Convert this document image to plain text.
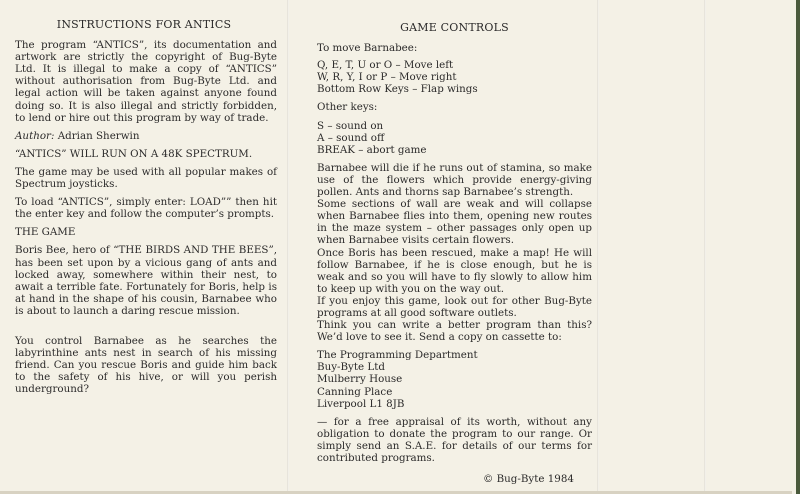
INSTRUCTIONS FOR ANTICS

The program “ANTICS”, its documentation and artwork are strictly the copyright of Bug-Byte Ltd. It is illegal to make a copy of “ANTICS” without authorisation from Bug-Byte Ltd. and legal action will be taken against anyone found doing so. It is also illegal and strictly forbidden, to lend or hire out this program by way of trade.

Author: Adrian Sherwin

“ANTICS” WILL RUN ON A 48K SPECTRUM.

The game may be used with all popular makes of Spectrum joysticks.

To load “ANTICS”, simply enter: LOAD”” then hit the enter key and follow the computer’s prompts.

THE GAME

Boris Bee, hero of “THE BIRDS AND THE BEES”, has been set upon by a vicious gang of ants and locked away, somewhere within their nest, to await a terrible fate. Fortunately for Boris, help is at hand in the shape of his cousin, Barnabee who is about to launch a daring rescue mission.

You control Barnabee as he searches the labyrinthine ants nest in search of his missing friend. Can you rescue Boris and guide him back to the safety of his hive, or will you perish underground?

GAME CONTROLS

To move Barnabee:

Q, E, T, U or O – Move left
W, R, Y, I or P – Move right
Bottom Row Keys – Flap wings

Other keys:

S – sound on
A – sound off
BREAK – abort game

Barnabee will die if he runs out of stamina, so make use of the flowers which provide energy-giving pollen. Ants and thorns sap Barnabee’s strength.

Some sections of wall are weak and will collapse when Barnabee flies into them, opening new routes in the maze system – other passages only open up when Barnabee visits certain flowers.

Once Boris has been rescued, make a map! He will follow Barnabee, if he is close enough, but he is weak and so you will have to fly slowly to allow him to keep up with you on the way out.

If you enjoy this game, look out for other Bug-Byte programs at all good software outlets.

Think you can write a better program than this? We’d love to see it. Send a copy on cassette to:

The Programming Department
Buy-Byte Ltd
Mulberry House
Canning Place
Liverpool L1 8JB

— for a free appraisal of its worth, without any obligation to donate the program to our range. Or simply send an S.A.E. for details of our terms for contributed programs.

© Bug-Byte 1984
